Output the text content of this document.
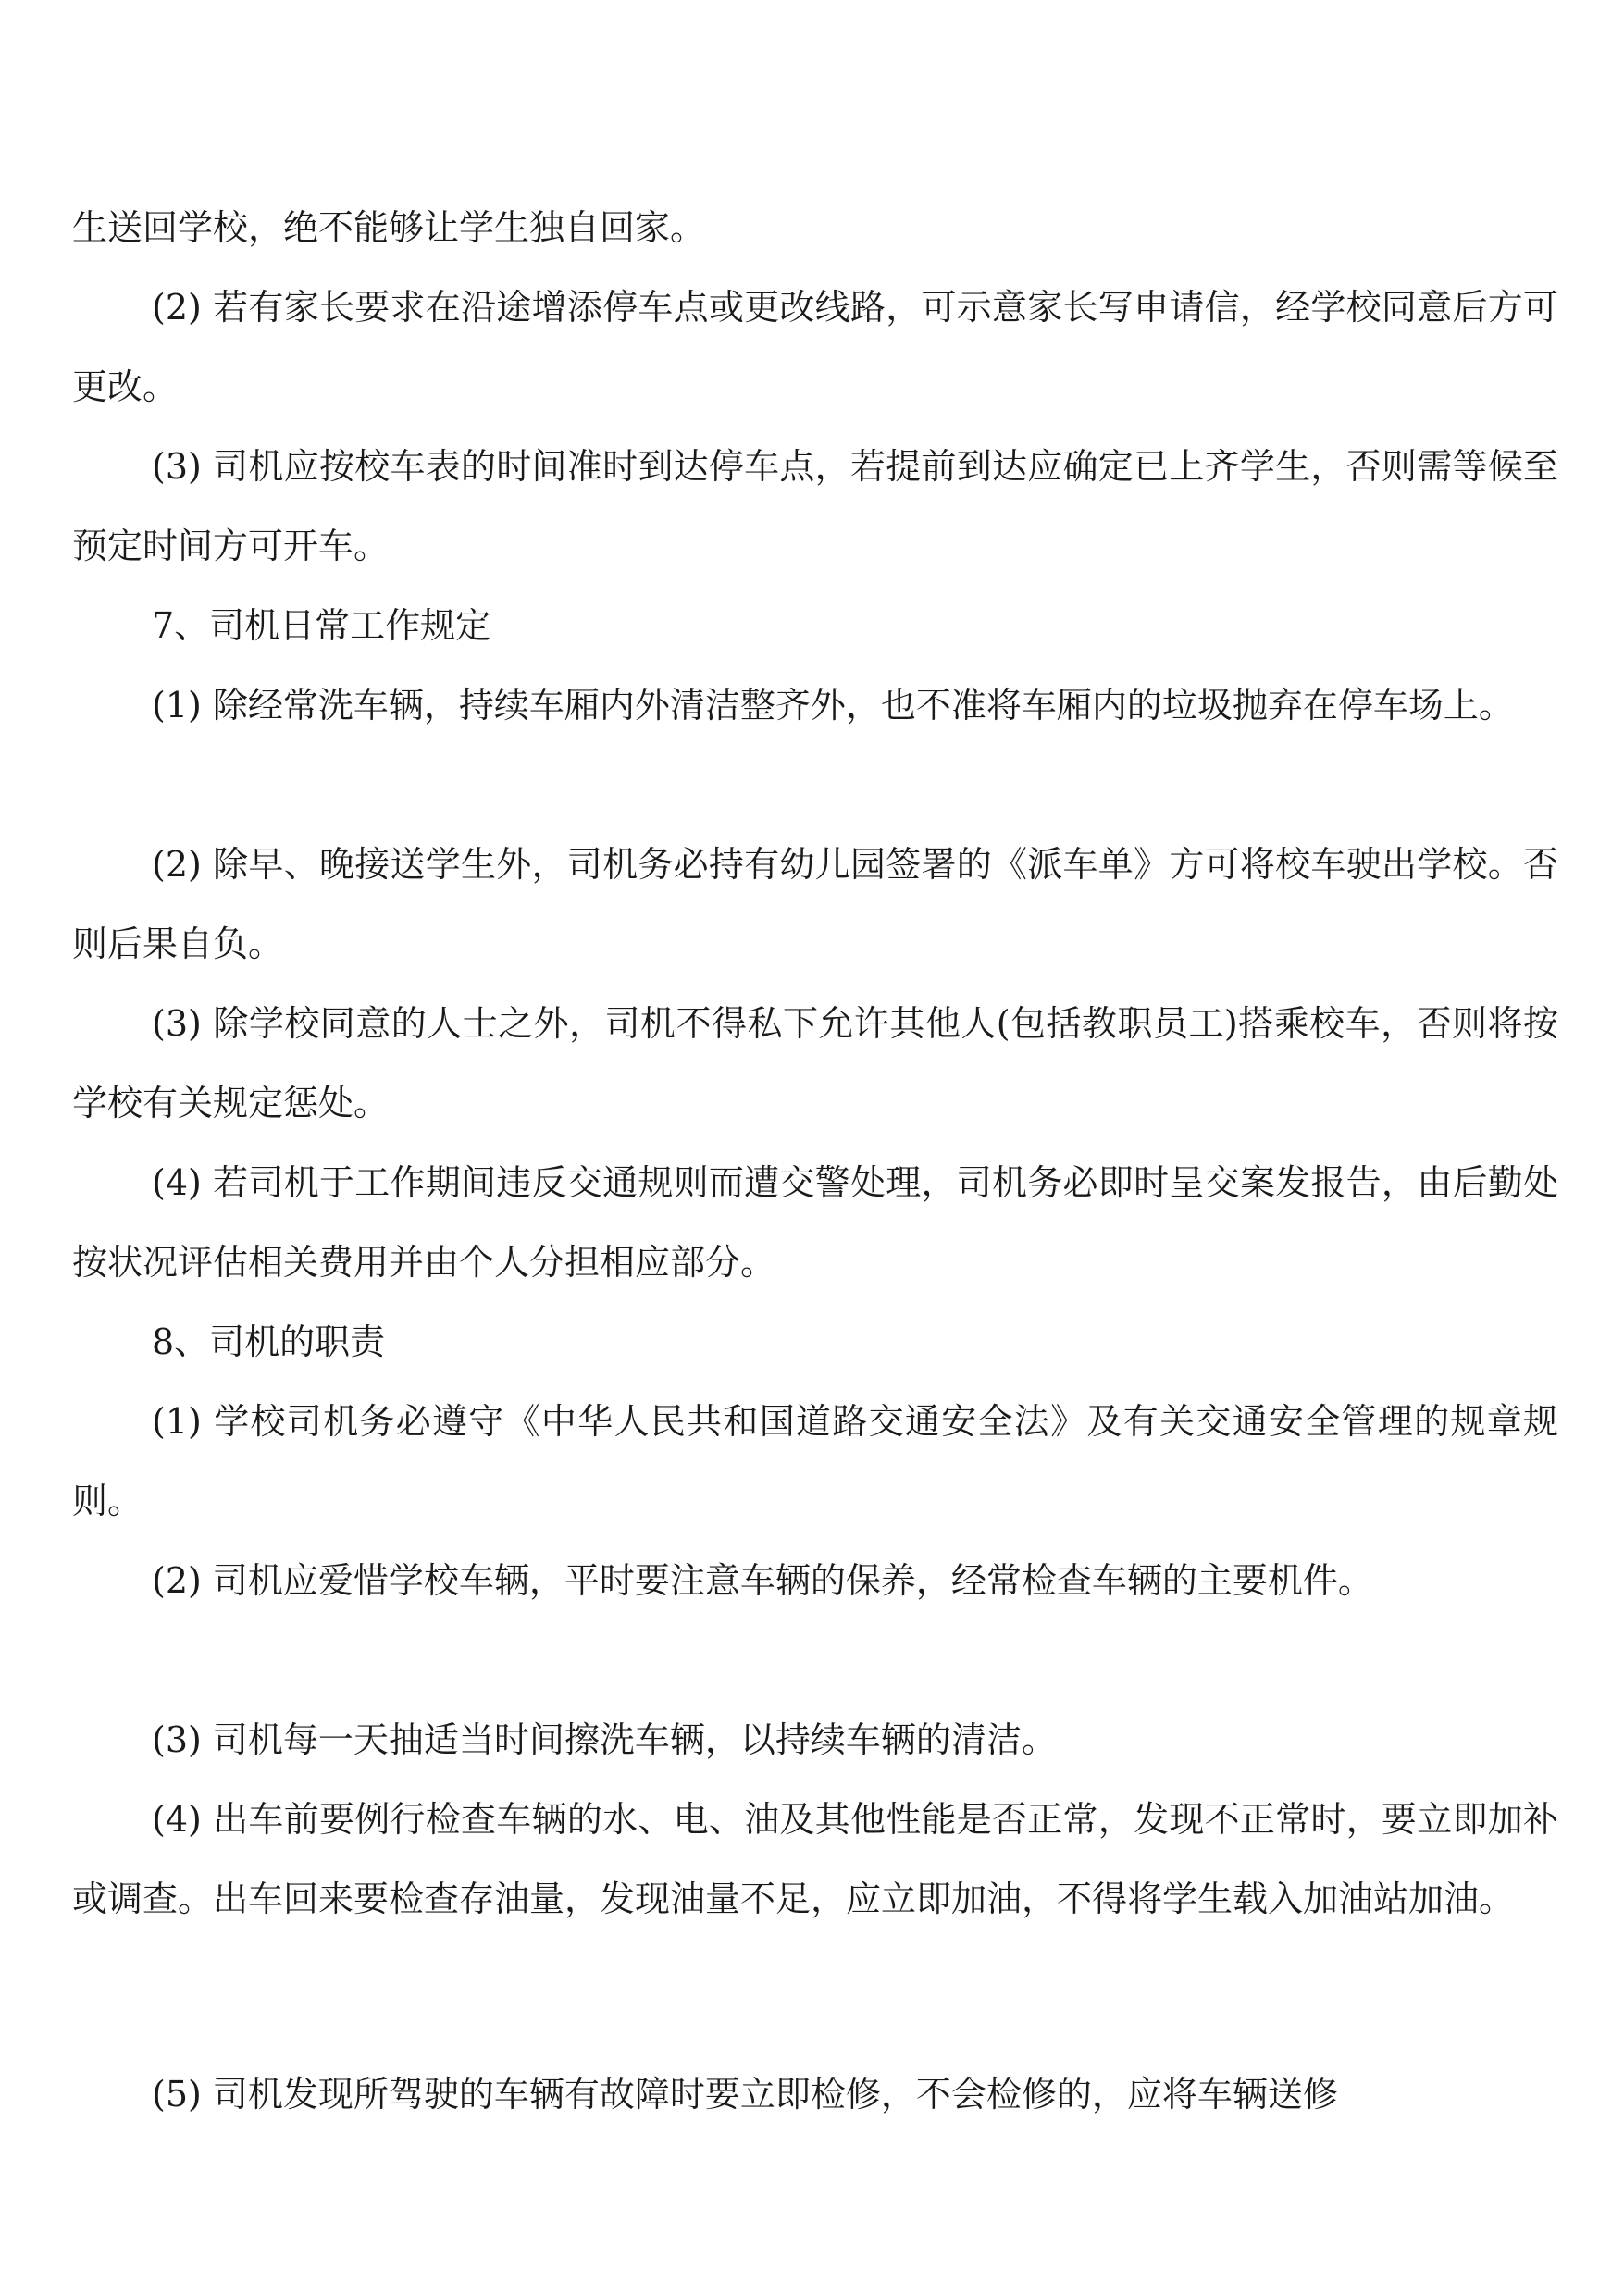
生送回学校，绝不能够让学生独自回家。

(2) 若有家长要求在沿途增添停车点或更改线路，可示意家长写申请信，经学校同意后方可更改。

(3) 司机应按校车表的时间准时到达停车点，若提前到达应确定已上齐学生，否则需等候至预定时间方可开车。

7、司机日常工作规定

(1) 除经常洗车辆，持续车厢内外清洁整齐外，也不准将车厢内的垃圾抛弃在停车场上。

(2) 除早、晚接送学生外，司机务必持有幼儿园签署的《派车单》方可将校车驶出学校。否则后果自负。

(3) 除学校同意的人士之外，司机不得私下允许其他人(包括教职员工)搭乘校车，否则将按学校有关规定惩处。

(4) 若司机于工作期间违反交通规则而遭交警处理，司机务必即时呈交案发报告，由后勤处按状况评估相关费用并由个人分担相应部分。

8、司机的职责

(1) 学校司机务必遵守《中华人民共和国道路交通安全法》及有关交通安全管理的规章规则。

(2) 司机应爱惜学校车辆，平时要注意车辆的保养，经常检查车辆的主要机件。

(3) 司机每一天抽适当时间擦洗车辆，以持续车辆的清洁。

(4) 出车前要例行检查车辆的水、电、油及其他性能是否正常，发现不正常时，要立即加补或调查。出车回来要检查存油量，发现油量不足，应立即加油，不得将学生载入加油站加油。

(5) 司机发现所驾驶的车辆有故障时要立即检修，不会检修的，应将车辆送修
